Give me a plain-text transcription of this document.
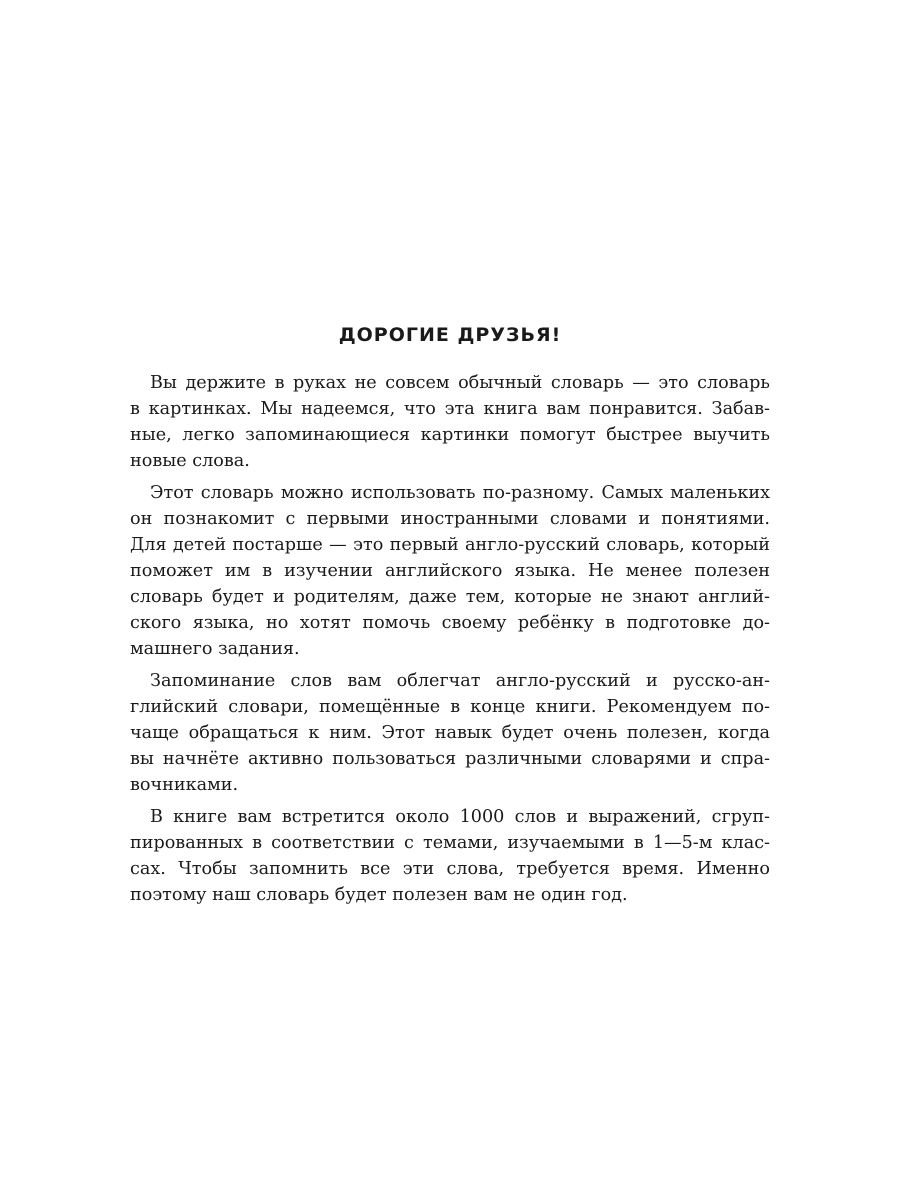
ДОРОГИЕ ДРУЗЬЯ!

Вы держите в руках не совсем обычный словарь — это словарь
в картинках. Мы надеемся, что эта книга вам понравится. Забав-
ные, легко запоминающиеся картинки помогут быстрее выучить
новые слова.

Этот словарь можно использовать по-разному. Самых маленьких
он познакомит с первыми иностранными словами и понятиями.
Для детей постарше — это первый англо-русский словарь, который
поможет им в изучении английского языка. Не менее полезен
словарь будет и родителям, даже тем, которые не знают англий-
ского языка, но хотят помочь своему ребёнку в подготовке до-
машнего задания.

Запоминание слов вам облегчат англо-русский и русско-ан-
глийский словари, помещённые в конце книги. Рекомендуем по-
чаще обращаться к ним. Этот навык будет очень полезен, когда
вы начнёте активно пользоваться различными словарями и спра-
вочниками.

В книге вам встретится около 1000 слов и выражений, сгруп-
пированных в соответствии с темами, изучаемыми в 1—5-м клас-
сах. Чтобы запомнить все эти слова, требуется время. Именно
поэтому наш словарь будет полезен вам не один год.
